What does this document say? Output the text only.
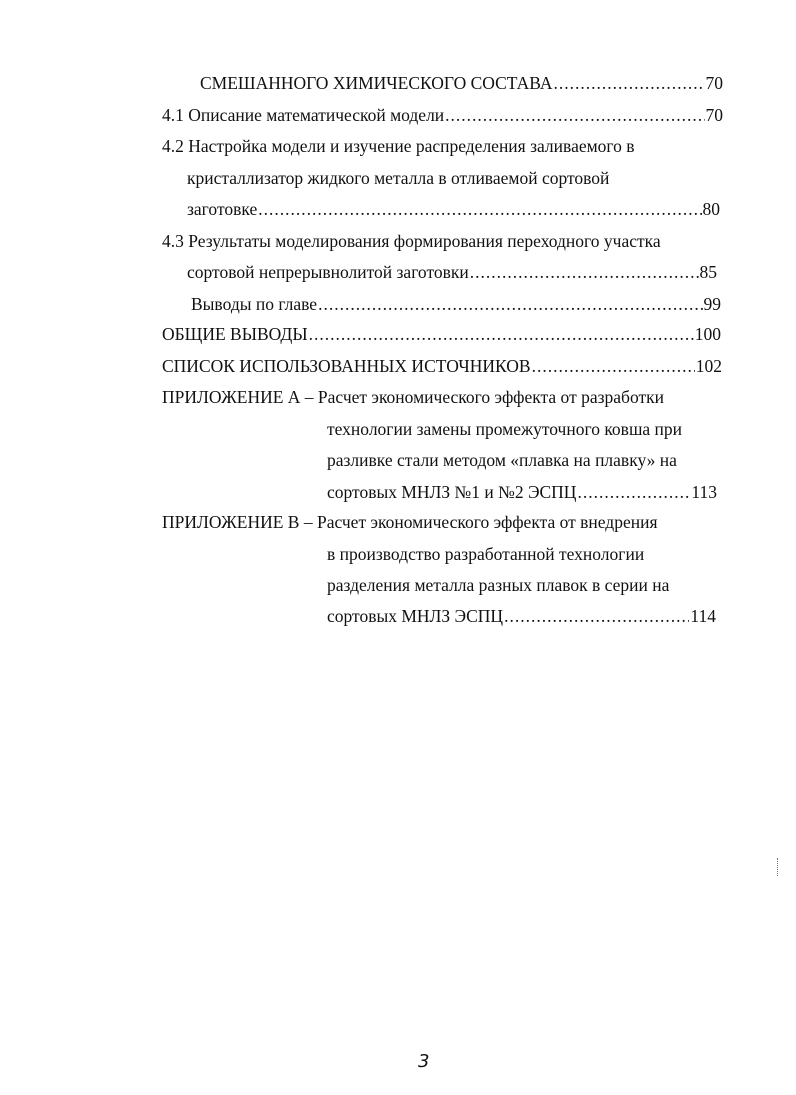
СМЕШАННОГО ХИМИЧЕСКОГО СОСТАВА .....	70
4.1 Описание математической модели .....	70
4.2 Настройка модели и изучение распределения заливаемого в
кристаллизатор жидкого металла в отливаемой сортовой
заготовке .....	80
4.3 Результаты моделирования формирования переходного участка
сортовой непрерывнолитой заготовки .....	85
Выводы по главе .....	99
ОБЩИЕ ВЫВОДЫ .....	100
СПИСОК ИСПОЛЬЗОВАННЫХ ИСТОЧНИКОВ .....	102
ПРИЛОЖЕНИЕ А – Расчет экономического эффекта от разработки
технологии замены промежуточного ковша при
разливке стали методом «плавка на плавку» на
сортовых МНЛЗ №1 и №2 ЭСПЦ .....	113
ПРИЛОЖЕНИЕ В – Расчет экономического эффекта от внедрения
в производство разработанной технологии
разделения металла разных плавок в серии на
сортовых МНЛЗ ЭСПЦ .....	114
3
